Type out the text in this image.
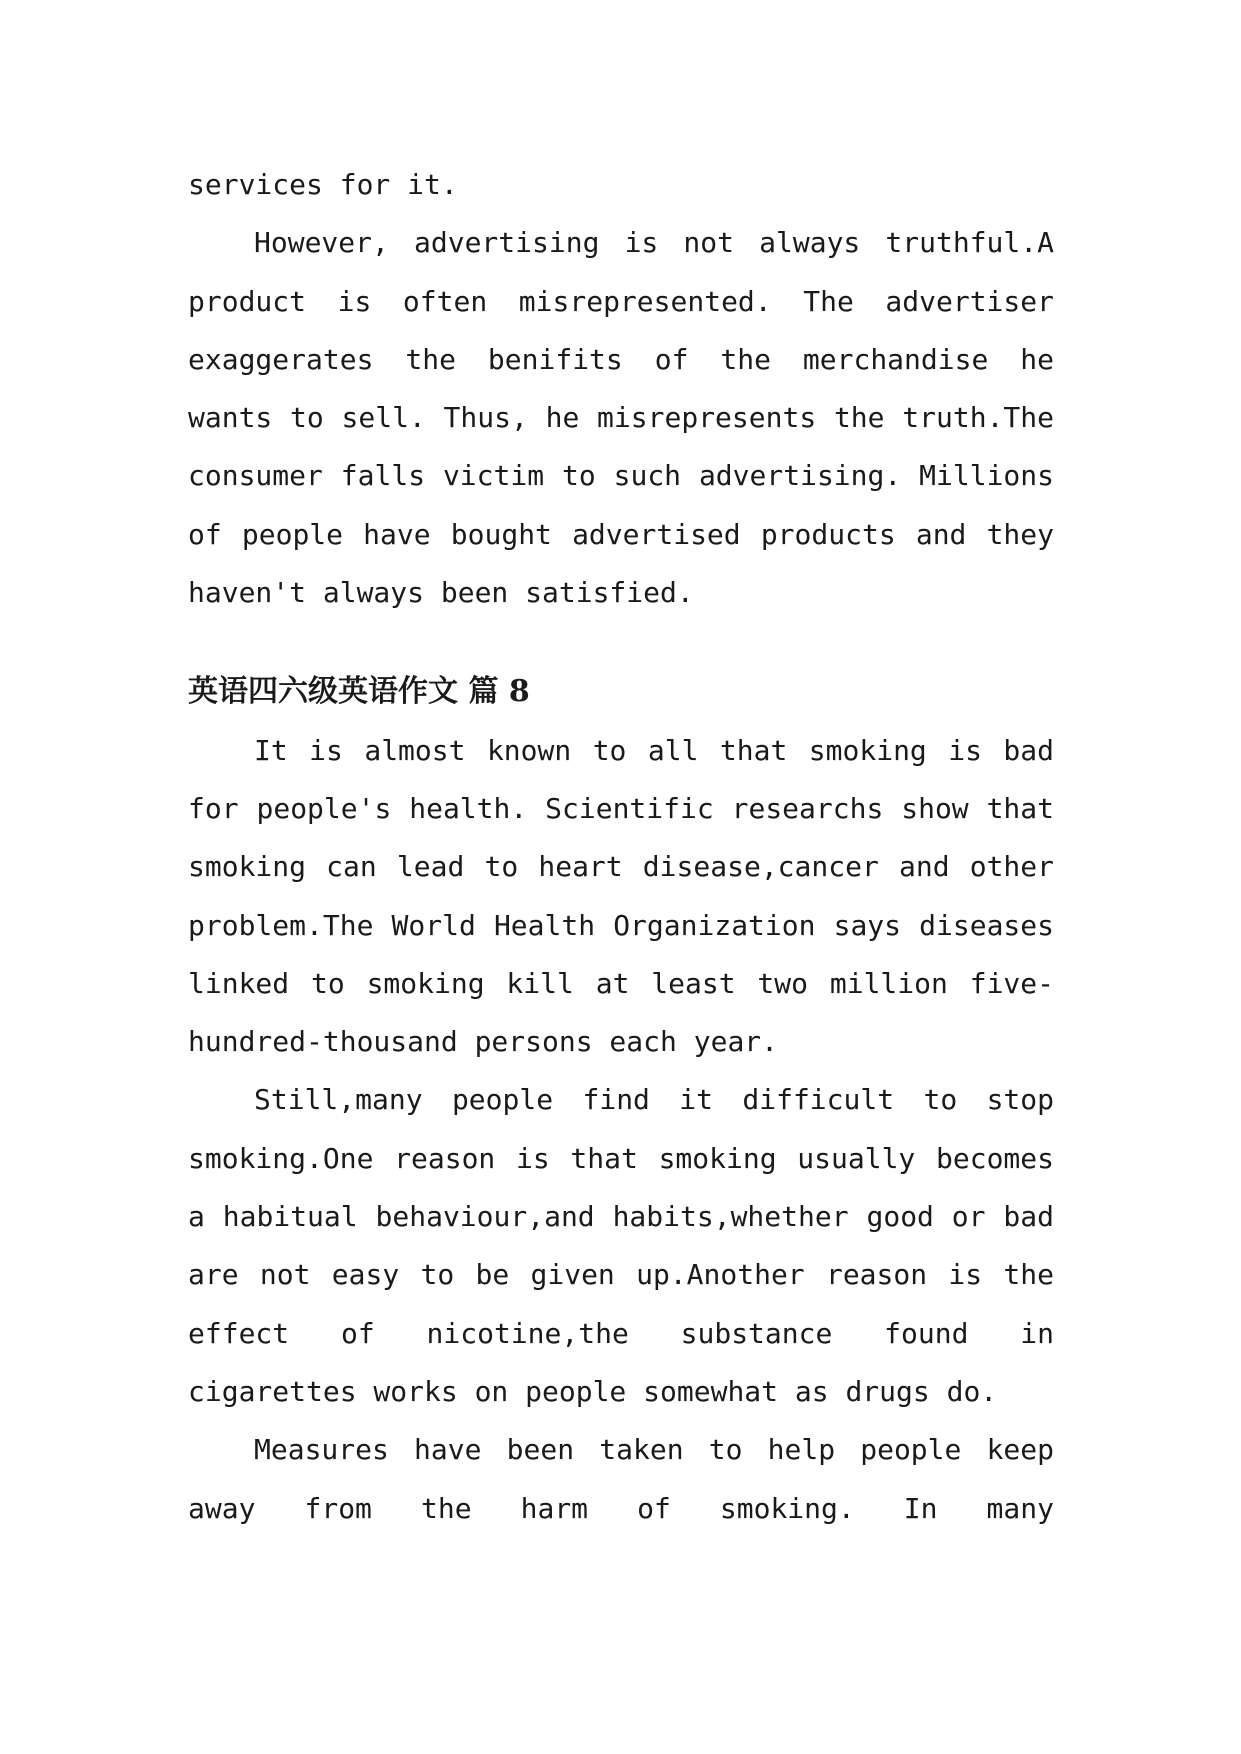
services for it.

However, advertising is not always truthful.A product is often misrepresented. The advertiser exaggerates the benifits of the merchandise he wants to sell. Thus, he misrepresents the truth.The consumer falls victim to such advertising. Millions of people have bought advertised products and they haven't always been satisfied.

英语四六级英语作文 篇 8

It is almost known to all that smoking is bad for people's health. Scientific researchs show that smoking can lead to heart disease,cancer and other problem.The World Health Organization says diseases linked to smoking kill at least two million five-hundred-thousand persons each year.

Still,many people find it difficult to stop smoking.One reason is that smoking usually becomes a habitual behaviour,and habits,whether good or bad are not easy to be given up.Another reason is the effect of nicotine,the substance found in cigarettes works on people somewhat as drugs do.

Measures have been taken to help people keep away from the harm of smoking. In many
